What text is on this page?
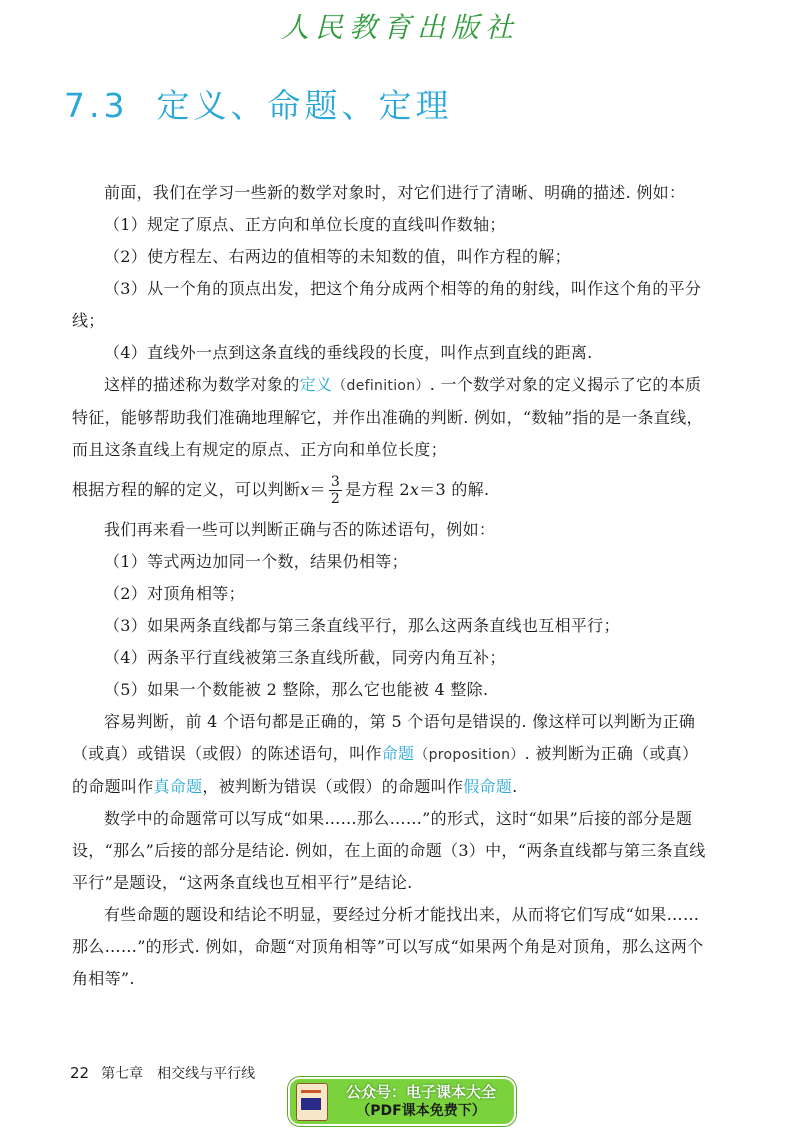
人民教育出版社
7.3 定义、命题、定理

前面，我们在学习一些新的数学对象时，对它们进行了清晰、明确的描述. 例如：

（1）规定了原点、正方向和单位长度的直线叫作数轴；

（2）使方程左、右两边的值相等的未知数的值，叫作方程的解；

（3）从一个角的顶点出发，把这个角分成两个相等的角的射线，叫作这个角的平分线；

（4）直线外一点到这条直线的垂线段的长度，叫作点到直线的距离.

这样的描述称为数学对象的定义（definition）. 一个数学对象的定义揭示了它的本质特征，能够帮助我们准确地理解它，并作出准确的判断. 例如，“数轴”指的是一条直线，而且这条直线上有规定的原点、正方向和单位长度；

根据方程的解的定义，可以判断 $x = \frac{3}{2}$ 是方程 2 x ＝3 的解.

我们再来看一些可以判断正确与否的陈述语句，例如：

（1）等式两边加同一个数，结果仍相等；

（2）对顶角相等；

（3）如果两条直线都与第三条直线平行，那么这两条直线也互相平行；

（4）两条平行直线被第三条直线所截，同旁内角互补；

（5）如果一个数能被 2 整除，那么它也能被 4 整除.

容易判断，前 4 个语句都是正确的，第 5 个语句是错误的. 像这样可以判断为正确（或真）或错误（或假）的陈述语句，叫作命题（proposition）. 被判断为正确（或真）的命题叫作真命题，被判断为错误（或假）的命题叫作假命题.

数学中的命题常可以写成“如果……那么……”的形式，这时“如果”后接的部分是题设，“那么”后接的部分是结论. 例如，在上面的命题（3）中，“两条直线都与第三条直线平行”是题设，“这两条直线也互相平行”是结论.

有些命题的题设和结论不明显，要经过分析才能找出来，从而将它们写成“如果……那么……”的形式. 例如，命题“对顶角相等”可以写成“如果两个角是对顶角，那么这两个角相等”.

22 第七章 相交线与平行线
公众号：电子课本大全
（PDF课本免费下）
